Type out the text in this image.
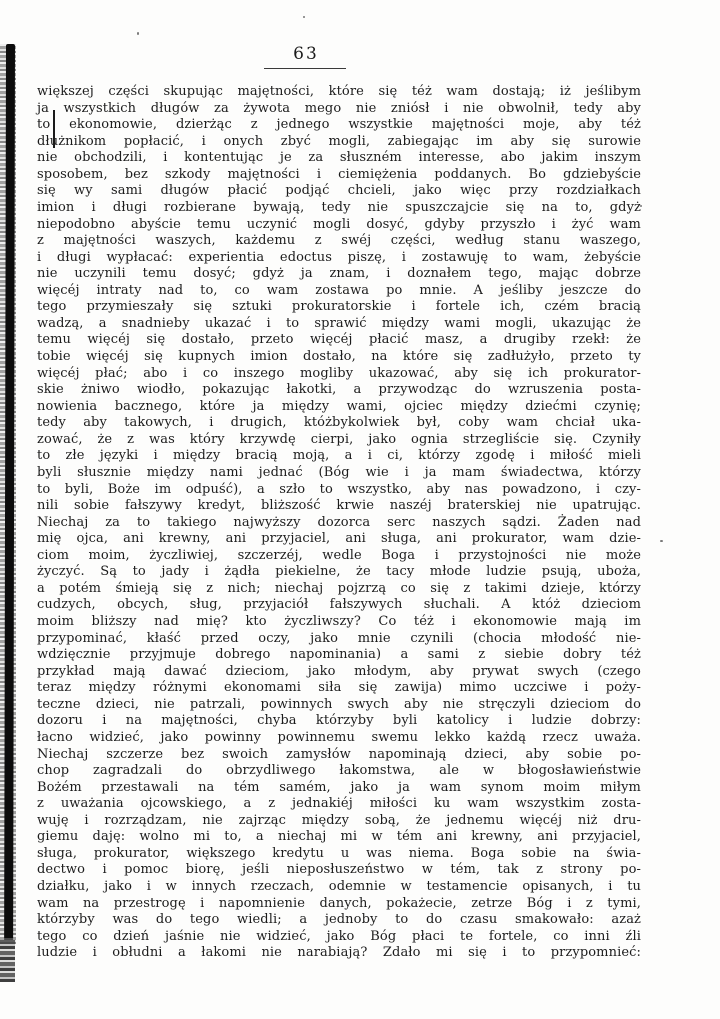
63
większej części skupując majętności, które się téż wam dostają; iż jeślibym
ja wszystkich długów za żywota mego nie zniósł i nie obwolnił, tedy aby
to ekonomowie, dzierżąc z jednego wszystkie majętności moje, aby téż
dłużnikom popłacić, i onych zbyć mogli, zabiegając im aby się surowie
nie obchodzili, i kontentując je za słuszném interesse, abo jakim inszym
sposobem, bez szkody majętności i ciemiężenia poddanych. Bo gdziebyście
się wy sami długów płacić podjąć chcieli, jako więc przy rozdziałkach
imion i długi rozbierane bywają, tedy nie spuszczajcie się na to, gdyż
niepodobno abyście temu uczynić mogli dosyć, gdyby przyszło i żyć wam
z majętności waszych, każdemu z swéj części, według stanu waszego,
i długi wypłacać: experientia edoctus piszę, i zostawuję to wam, żebyście
nie uczynili temu dosyć; gdyż ja znam, i doznałem tego, mając dobrze
więcéj intraty nad to, co wam zostawa po mnie. A jeśliby jeszcze do
tego przymieszały się sztuki prokuratorskie i fortele ich, czém bracią
wadzą, a snadnieby ukazać i to sprawić między wami mogli, ukazując że
temu więcéj się dostało, przeto więcéj płacić masz, a drugiby rzekł: że
tobie więcéj się kupnych imion dostało, na które się zadłużyło, przeto ty
więcéj płać; abo i co inszego mogliby ukazować, aby się ich prokurator-
skie żniwo wiodło, pokazując łakotki, a przywodząc do wzruszenia posta-
nowienia bacznego, które ja między wami, ojciec między dziećmi czynię;
tedy aby takowych, i drugich, któżbykolwiek był, coby wam chciał uka-
zować, że z was który krzywdę cierpi, jako ognia strzegliście się. Czyniły
to złe języki i między bracią moją, a i ci, którzy zgodę i miłość mieli
byli słusznie między nami jednać (Bóg wie i ja mam świadectwa, którzy
to byli, Boże im odpuść), a szło to wszystko, aby nas powadzono, i czy-
nili sobie fałszywy kredyt, bliższość krwie naszéj braterskiej nie upatrując.
Niechaj za to takiego najwyższy dozorca serc naszych sądzi. Żaden nad
mię ojca, ani krewny, ani przyjaciel, ani sługa, ani prokurator, wam dzie-
ciom moim, życzliwiej, szczerzéj, wedle Boga i przystojności nie może
życzyć. Są to jady i żądła piekielne, że tacy młode ludzie psują, uboża,
a potém śmieją się z nich; niechaj pojzrzą co się z takimi dzieje, którzy
cudzych, obcych, sług, przyjaciół fałszywych słuchali. A któż dzieciom
moim bliższy nad mię? kto życzliwszy? Co téż i ekonomowie mają im
przypominać, kłaść przed oczy, jako mnie czynili (chocia młodość nie-
wdzięcznie przyjmuje dobrego napominania) a sami z siebie dobry téż
przykład mają dawać dzieciom, jako młodym, aby prywat swych (czego
teraz między różnymi ekonomami siła się zawija) mimo uczciwe i poży-
teczne dzieci, nie patrzali, powinnych swych aby nie stręczyli dzieciom do
dozoru i na majętności, chyba którzyby byli katolicy i ludzie dobrzy:
łacno widzieć, jako powinny powinnemu swemu lekko każdą rzecz uważa.
Niechaj szczerze bez swoich zamysłów napominają dzieci, aby sobie po-
chop zagradzali do obrzydliwego łakomstwa, ale w błogosławieństwie
Bożém przestawali na tém samém, jako ja wam synom moim miłym
z uważania ojcowskiego, a z jednakiéj miłości ku wam wszystkim zosta-
wuję i rozrządzam, nie zajrząc między sobą, że jednemu więcéj niż dru-
giemu daję: wolno mi to, a niechaj mi w tém ani krewny, ani przyjaciel,
sługa, prokurator, większego kredytu u was niema. Boga sobie na świa-
dectwo i pomoc biorę, jeśli nieposłuszeństwo w tém, tak z strony po-
działku, jako i w innych rzeczach, odemnie w testamencie opisanych, i tu
wam na przestrogę i napomnienie danych, pokażecie, zetrze Bóg i z tymi,
którzyby was do tego wiedli; a jednoby to do czasu smakowało: azaż
tego co dzień jaśnie nie widzieć, jako Bóg płaci te fortele, co inni źli
ludzie i obłudni a łakomi nie narabiają? Zdało mi się i to przypomnieć:
